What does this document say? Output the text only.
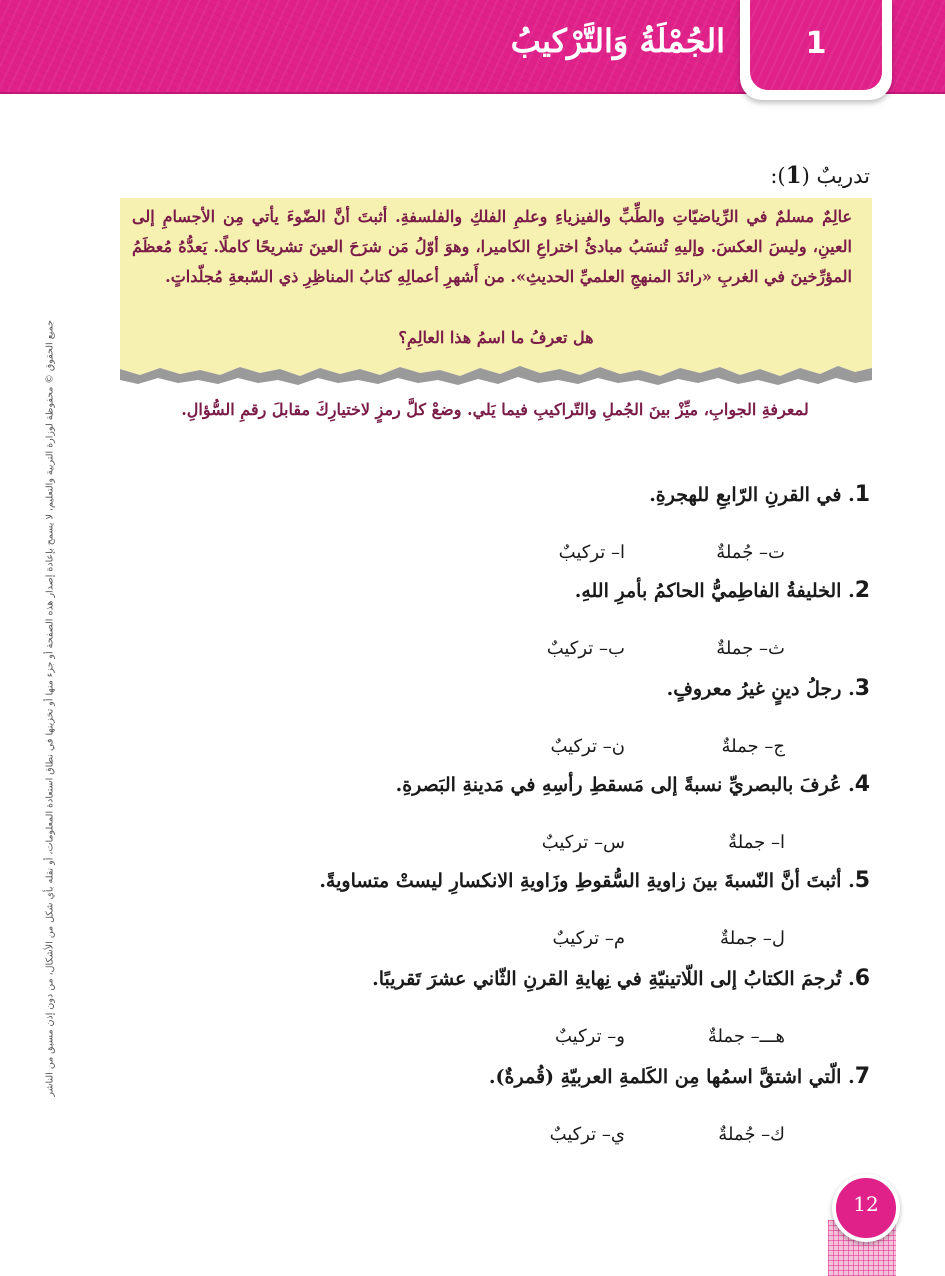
الجُمْلَةُ وَالتَّرْكيبُ	1
جميع الحقوق © محفوظة لوزارة التربية والتعليم، لا يسمح بإعادة إصدار هذه الصفحة أو جزء منها أو تخزينها في نطاق استعادة المعلومات، أو نقله بأي شكل من الأشكال، من دون إذن مسبق من الناشر
تدريبٌ (1):
عالِمٌ مسلمٌ في الرِّياضيّاتِ والطِّبِّ والفيزياءِ وعلمِ الفلكِ والفلسفةِ. أثبتَ أنَّ الضّوءَ يأتي مِن الأجسامِ إلى العينِ، وليسَ العكسَ. وإليهِ تُنسَبُ مبادئُ اختراعِ الكاميرا، وهوَ أوّلُ مَن شرَحَ العينَ تشريحًا كاملًا. يَعدُّهُ مُعظَمُ المؤرِّخينَ في الغربِ «رائدَ المنهجِ العلميِّ الحديثِ». من أَشهرِ أعمالِهِ كتابُ المناظِرِ ذي السّبعةِ مُجلّداتٍ.
هل تعرفُ ما اسمُ هذا العالِمِ؟
لمعرفةِ الجوابِ، ميِّزْ بينَ الجُملِ والتّراكيبِ فيما يَلي. وضعْ كلَّ رمزٍ لاختيارِكَ مقابلَ رقمِ السُّؤالِ.
1. في القرنِ الرّابعِ للهجرةِ.
ت– جُملةٌ
ا– تركيبٌ
2. الخليفةُ الفاطِميُّ الحاكمُ بأمرِ اللهِ.
ث– جملةٌ
ب– تركيبٌ
3. رجلُ دينٍ غيرُ معروفٍ.
ج– جملةٌ
ن– تركيبٌ
4. عُرفَ بالبصريِّ نسبةً إلى مَسقطِ رأسِهِ في مَدينةِ البَصرةِ.
ا– جملةٌ
س– تركيبٌ
5. أثبتَ أنَّ النّسبةَ بينَ زاويةِ السُّقوطِ وزَاويةِ الانكسارِ ليستْ متساويةً.
ل– جملةٌ
م– تركيبٌ
6. تُرجمَ الكتابُ إلى اللّاتينيّةِ في نِهايةِ القرنِ الثّاني عشرَ تَقريبًا.
هـــ– جملةٌ
و– تركيبٌ
7. الّتي اشتقَّ اسمُها مِن الكَلمةِ العربيّةِ (قُمرةٌ).
ك– جُملةٌ
ي– تركيبٌ
12
